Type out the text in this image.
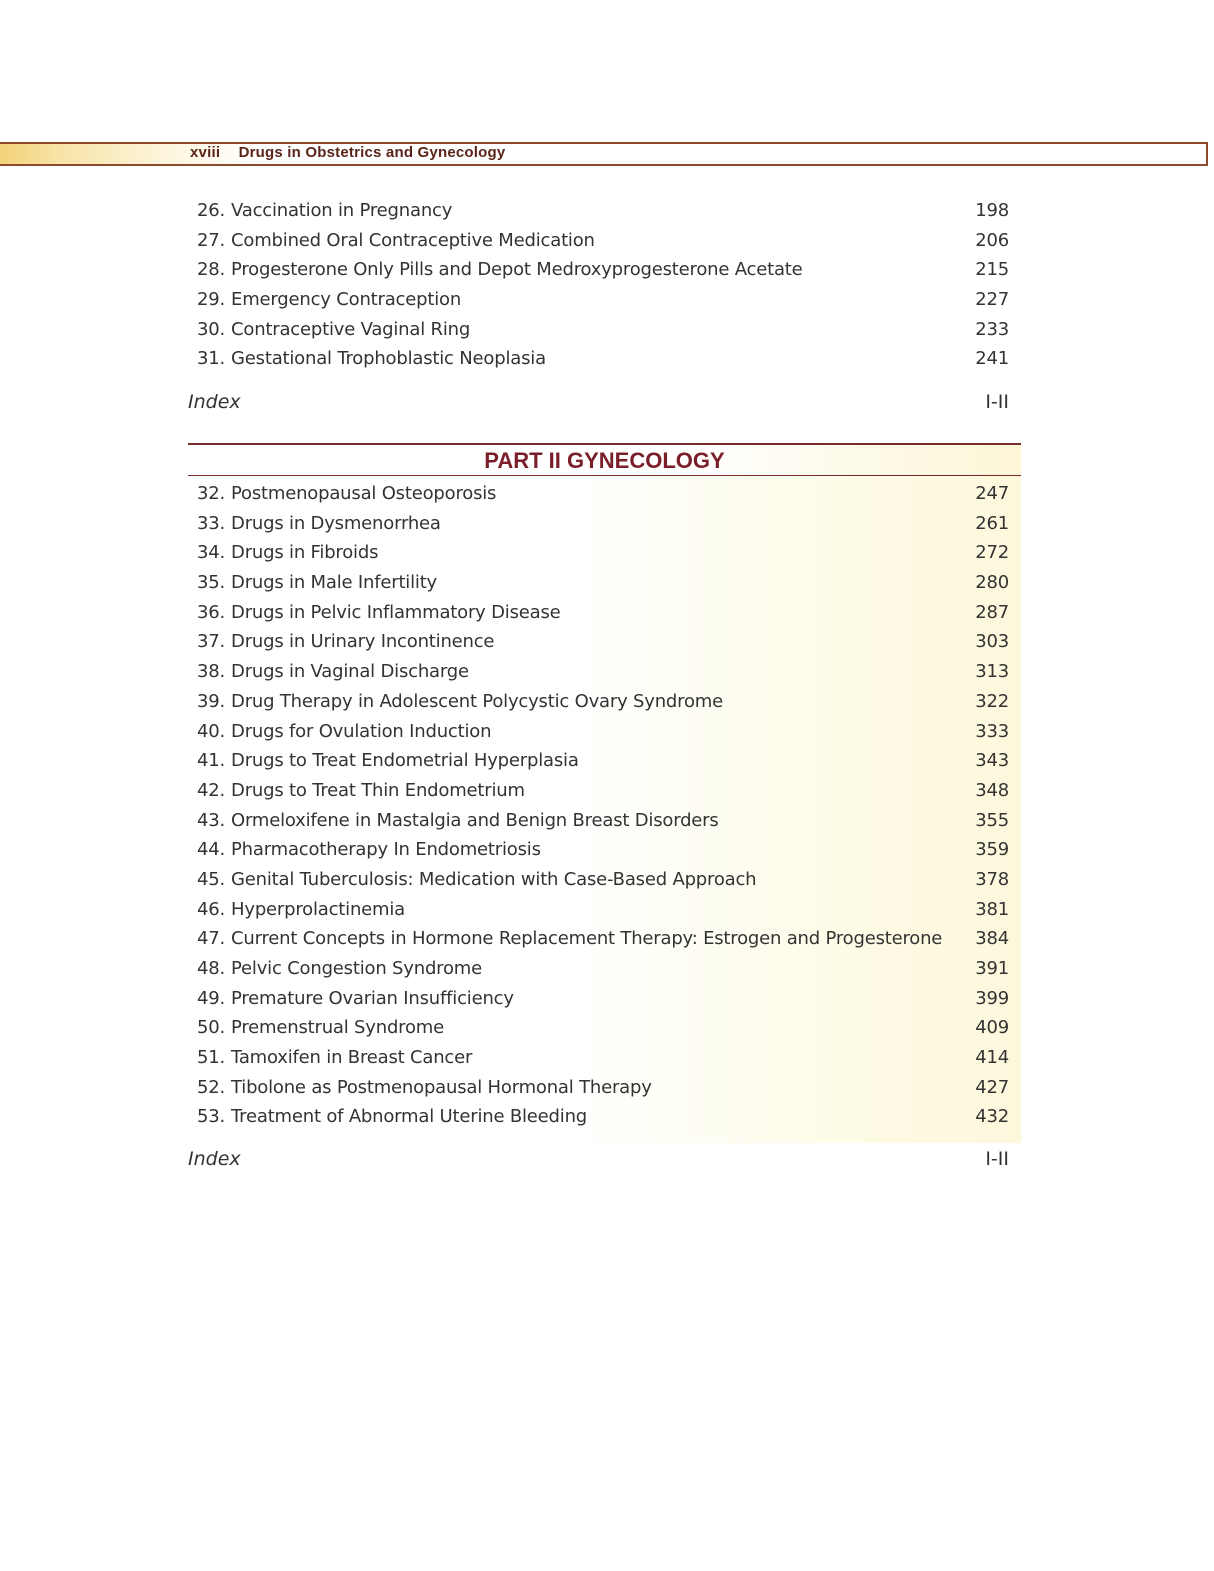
xviii Drugs in Obstetrics and Gynecology
26. Vaccination in Pregnancy	198
27. Combined Oral Contraceptive Medication	206
28. Progesterone Only Pills and Depot Medroxyprogesterone Acetate	215
29. Emergency Contraception	227
30. Contraceptive Vaginal Ring	233
31. Gestational Trophoblastic Neoplasia	241
Index	I-II
PART II GYNECOLOGY
32. Postmenopausal Osteoporosis	247
33. Drugs in Dysmenorrhea	261
34. Drugs in Fibroids	272
35. Drugs in Male Infertility	280
36. Drugs in Pelvic Inflammatory Disease	287
37. Drugs in Urinary Incontinence	303
38. Drugs in Vaginal Discharge	313
39. Drug Therapy in Adolescent Polycystic Ovary Syndrome	322
40. Drugs for Ovulation Induction	333
41. Drugs to Treat Endometrial Hyperplasia	343
42. Drugs to Treat Thin Endometrium	348
43. Ormeloxifene in Mastalgia and Benign Breast Disorders	355
44. Pharmacotherapy In Endometriosis	359
45. Genital Tuberculosis: Medication with Case-Based Approach	378
46. Hyperprolactinemia	381
47. Current Concepts in Hormone Replacement Therapy: Estrogen and Progesterone 384
48. Pelvic Congestion Syndrome	391
49. Premature Ovarian Insufficiency	399
50. Premenstrual Syndrome	409
51. Tamoxifen in Breast Cancer	414
52. Tibolone as Postmenopausal Hormonal Therapy	427
53. Treatment of Abnormal Uterine Bleeding	432
Index	I-II
